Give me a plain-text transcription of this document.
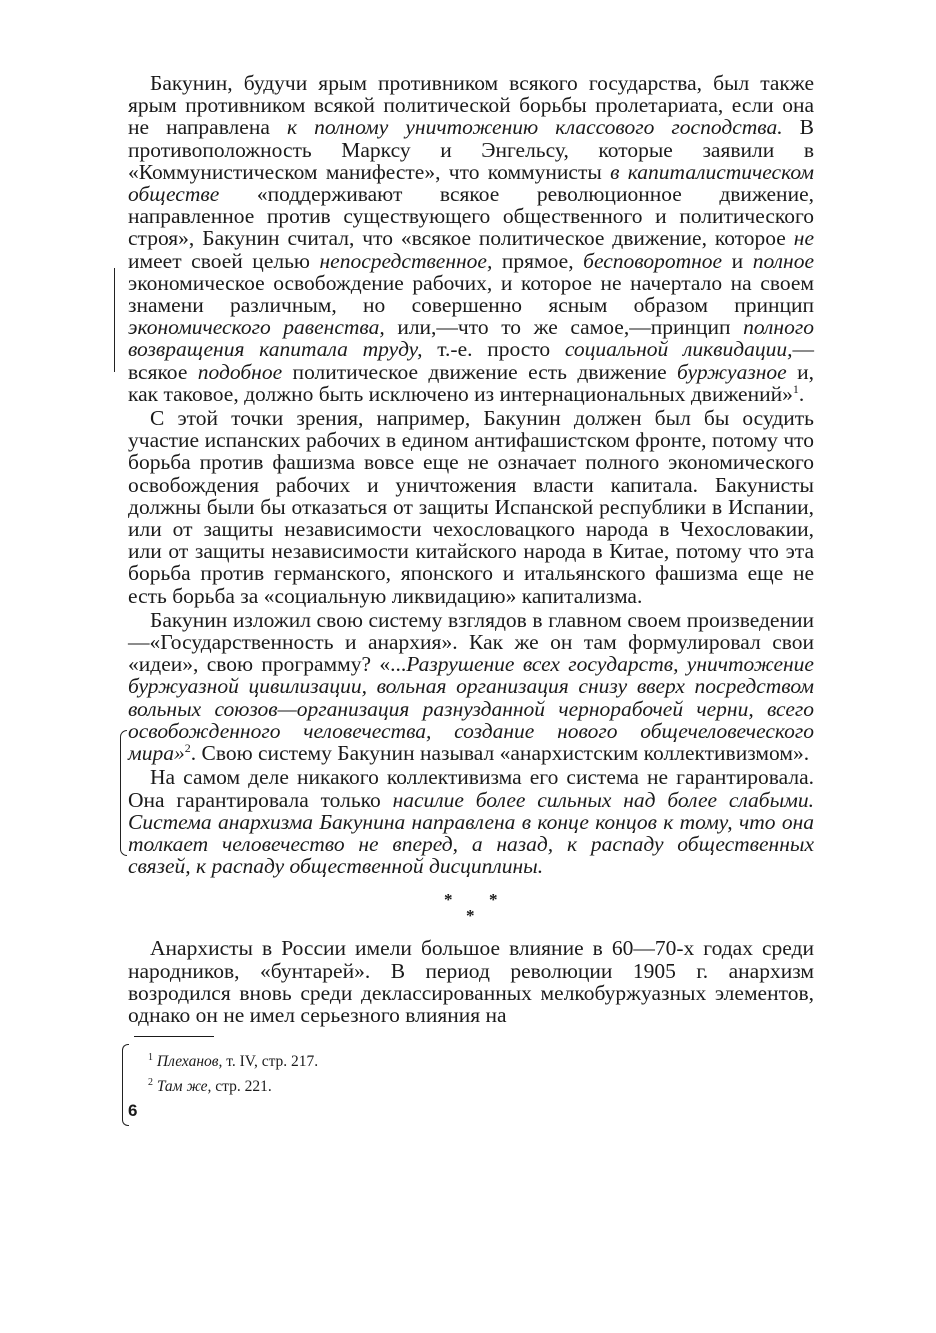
Бакунин, будучи ярым противником всякого государства, был также ярым противником всякой политической борьбы пролетариата, если она не направлена к полному уничтожению классового господства. В противоположность Марксу и Энгельсу, которые заявили в «Коммунистическом манифесте», что коммунисты в капиталистическом обществе «поддерживают всякое революционное движение, направленное против существующего общественного и политического строя», Бакунин считал, что «всякое политическое движение, которое не имеет своей целью непосредственное, прямое, бесповоротное и полное экономическое освобождение рабочих, и которое не начертало на своем знамени различным, но совершенно ясным образом принцип экономического равенства, или,—что то же самое,—принцип полного возвращения капитала труду, т.-е. просто социальной ликвидации,—всякое подобное политическое движение есть движение буржуазное и, как таковое, должно быть исключено из интернациональных движений»$^1$.

С этой точки зрения, например, Бакунин должен был бы осудить участие испанских рабочих в едином антифашистском фронте, потому что борьба против фашизма вовсе еще не означает полного экономического освобождения рабочих и уничтожения власти капитала. Бакунисты должны были бы отказаться от защиты Испанской республики в Испании, или от защиты независимости чехословацкого народа в Чехословакии, или от защиты независимости китайского народа в Китае, потому что эта борьба против германского, японского и итальянского фашизма еще не есть борьба за «социальную ликвидацию» капитализма.

Бакунин изложил свою систему взглядов в главном своем произведении—«Государственность и анархия». Как же он там формулировал свои «идеи», свою программу? «...Разрушение всех государств, уничтожение буржуазной цивилизации, вольная организация снизу вверх посредством вольных союзов—организация разнузданной чернорабочей черни, всего освобожденного человечества, создание нового общечеловеческого мира»$^2$. Свою систему Бакунин называл «анархистским коллективизмом».

На самом деле никакого коллективизма его система не гарантировала. Она гарантировала только насилие более сильных над более слабыми. Система анархизма Бакунина направлена в конце концов к тому, что она толкает человечество не вперед, а назад, к распаду общественных связей, к распаду общественной дисциплины.

* *
*

Анархисты в России имели большое влияние в 60—70-х годах среди народников, «бунтарей». В период революции 1905 г. анархизм возродился вновь среди деклассированных мелкобуржуазных элементов, однако он не имел серьезного влияния на

$^1$ Плеханов, т. IV, стр. 217.
$^2$ Там же, стр. 221.
6
